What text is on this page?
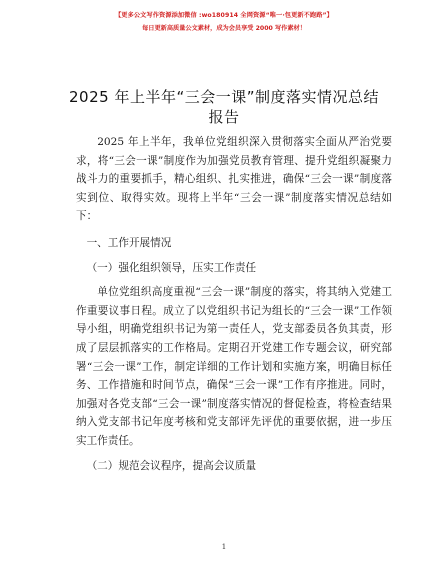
【更多公文写作资源添加微信 :wo180914 全网资源“唯一·包更新不跑路”】
每日更新高质量公文素材，成为会员享受 2000 写作素材！
2025 年上半年“三会一课”制度落实情况总结
报告

2025 年上半年，我单位党组织深入贯彻落实全面从严治党要求，将“三会一课”制度作为加强党员教育管理、提升党组织凝聚力战斗力的重要抓手，精心组织、扎实推进，确保“三会一课”制度落实到位、取得实效。现将上半年“三会一课”制度落实情况总结如下：

一、工作开展情况

（一）强化组织领导，压实工作责任

单位党组织高度重视“三会一课”制度的落实，将其纳入党建工作重要议事日程。成立了以党组织书记为组长的“三会一课”工作领导小组，明确党组织书记为第一责任人，党支部委员各负其责，形成了层层抓落实的工作格局。定期召开党建工作专题会议，研究部署“三会一课”工作，制定详细的工作计划和实施方案，明确目标任务、工作措施和时间节点，确保“三会一课”工作有序推进。同时，加强对各党支部“三会一课”制度落实情况的督促检查，将检查结果纳入党支部书记年度考核和党支部评先评优的重要依据，进一步压实工作责任。

（二）规范会议程序，提高会议质量

1
